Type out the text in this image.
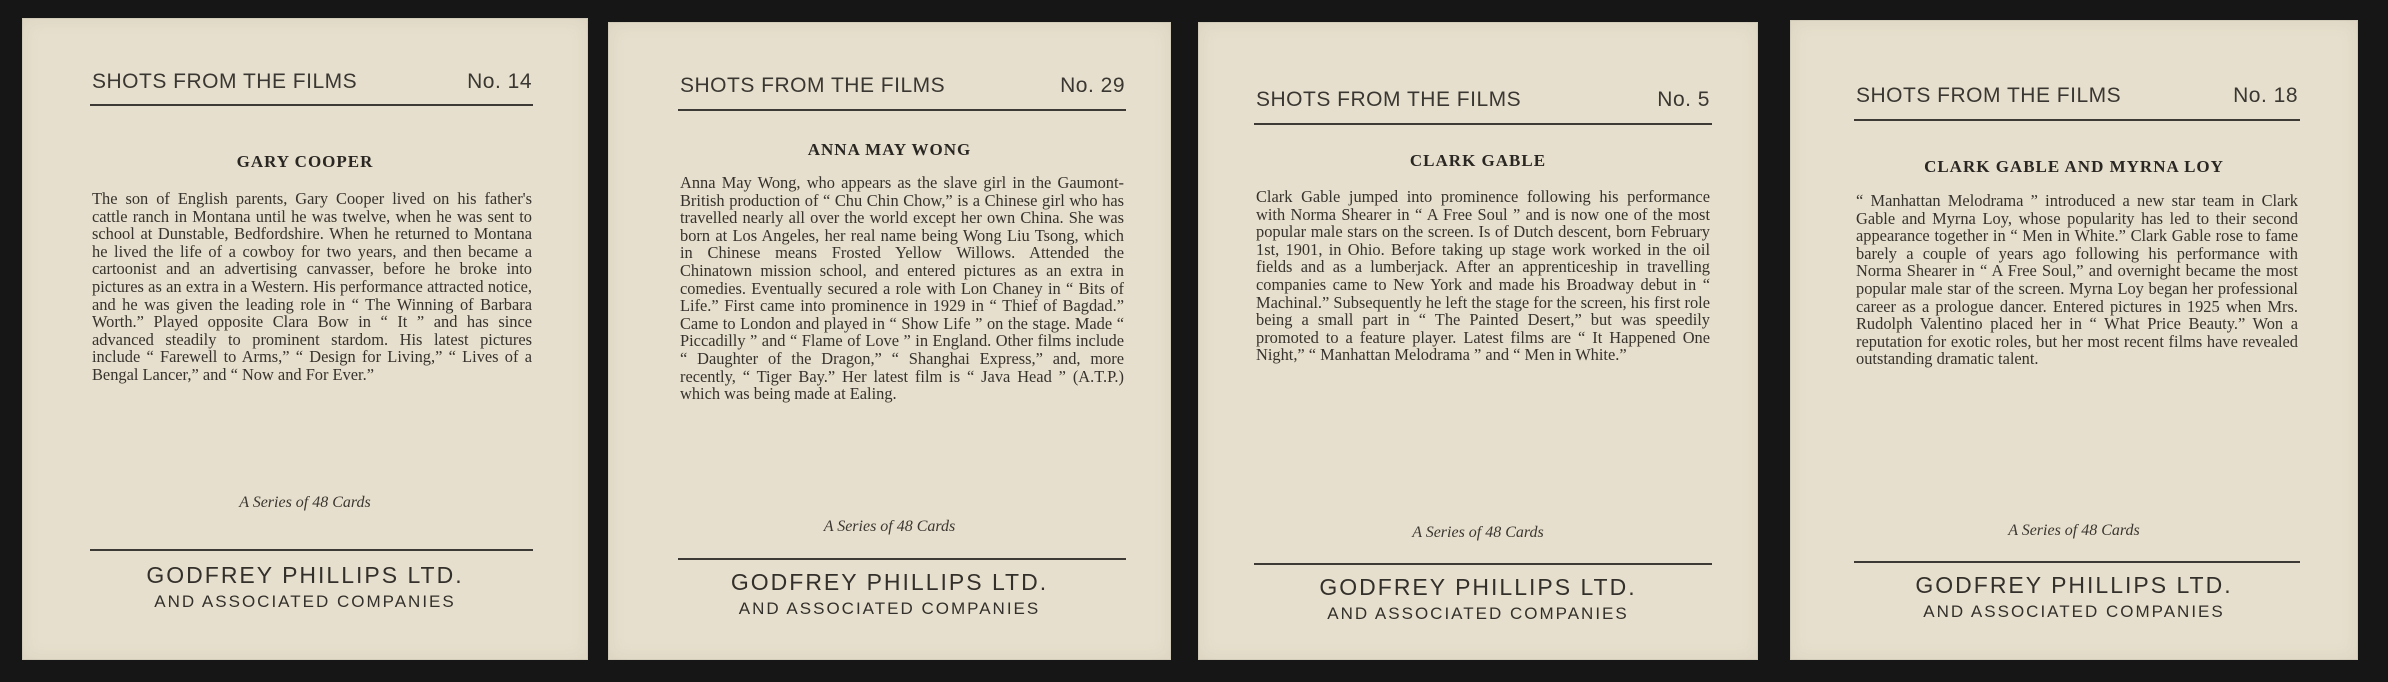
SHOTS FROM THE FILMS	No. 14
GARY COOPER
The son of English parents, Gary Cooper lived on his father's cattle ranch in Montana until he was twelve, when he was sent to school at Dunstable, Bedfordshire. When he returned to Montana he lived the life of a cowboy for two years, and then became a cartoonist and an advertising canvasser, before he broke into pictures as an extra in a Western. His performance attracted notice, and he was given the leading role in “ The Winning of Barbara Worth.” Played opposite Clara Bow in “ It ” and has since advanced steadily to prominent stardom. His latest pictures include “ Farewell to Arms,” “ Design for Living,” “ Lives of a Bengal Lancer,” and “ Now and For Ever.”
A Series of 48 Cards
GODFREY PHILLIPS LTD.
AND ASSOCIATED COMPANIES
SHOTS FROM THE FILMS	No. 29
ANNA MAY WONG
Anna May Wong, who appears as the slave girl in the Gaumont-British production of “ Chu Chin Chow,” is a Chinese girl who has travelled nearly all over the world except her own China. She was born at Los Angeles, her real name being Wong Liu Tsong, which in Chinese means Frosted Yellow Willows. Attended the Chinatown mission school, and entered pictures as an extra in comedies. Eventually secured a role with Lon Chaney in “ Bits of Life.” First came into prominence in 1929 in “ Thief of Bagdad.” Came to London and played in “ Show Life ” on the stage. Made “ Piccadilly ” and “ Flame of Love ” in England. Other films include “ Daughter of the Dragon,” “ Shanghai Express,” and, more recently, “ Tiger Bay.” Her latest film is “ Java Head ” (A.T.P.) which was being made at Ealing.
A Series of 48 Cards
GODFREY PHILLIPS LTD.
AND ASSOCIATED COMPANIES
SHOTS FROM THE FILMS	No. 5
CLARK GABLE
Clark Gable jumped into prominence following his performance with Norma Shearer in “ A Free Soul ” and is now one of the most popular male stars on the screen. Is of Dutch descent, born February 1st, 1901, in Ohio. Before taking up stage work worked in the oil fields and as a lumberjack. After an apprenticeship in travelling companies came to New York and made his Broadway debut in “ Machinal.” Subsequently he left the stage for the screen, his first role being a small part in “ The Painted Desert,” but was speedily promoted to a feature player. Latest films are “ It Happened One Night,” “ Manhattan Melodrama ” and “ Men in White.”
A Series of 48 Cards
GODFREY PHILLIPS LTD.
AND ASSOCIATED COMPANIES
SHOTS FROM THE FILMS	No. 18
CLARK GABLE AND MYRNA LOY
“ Manhattan Melodrama ” introduced a new star team in Clark Gable and Myrna Loy, whose popularity has led to their second appearance together in “ Men in White.” Clark Gable rose to fame barely a couple of years ago following his performance with Norma Shearer in “ A Free Soul,” and overnight became the most popular male star of the screen. Myrna Loy began her professional career as a prologue dancer. Entered pictures in 1925 when Mrs. Rudolph Valentino placed her in “ What Price Beauty.” Won a reputation for exotic roles, but her most recent films have revealed outstanding dramatic talent.
A Series of 48 Cards
GODFREY PHILLIPS LTD.
AND ASSOCIATED COMPANIES
